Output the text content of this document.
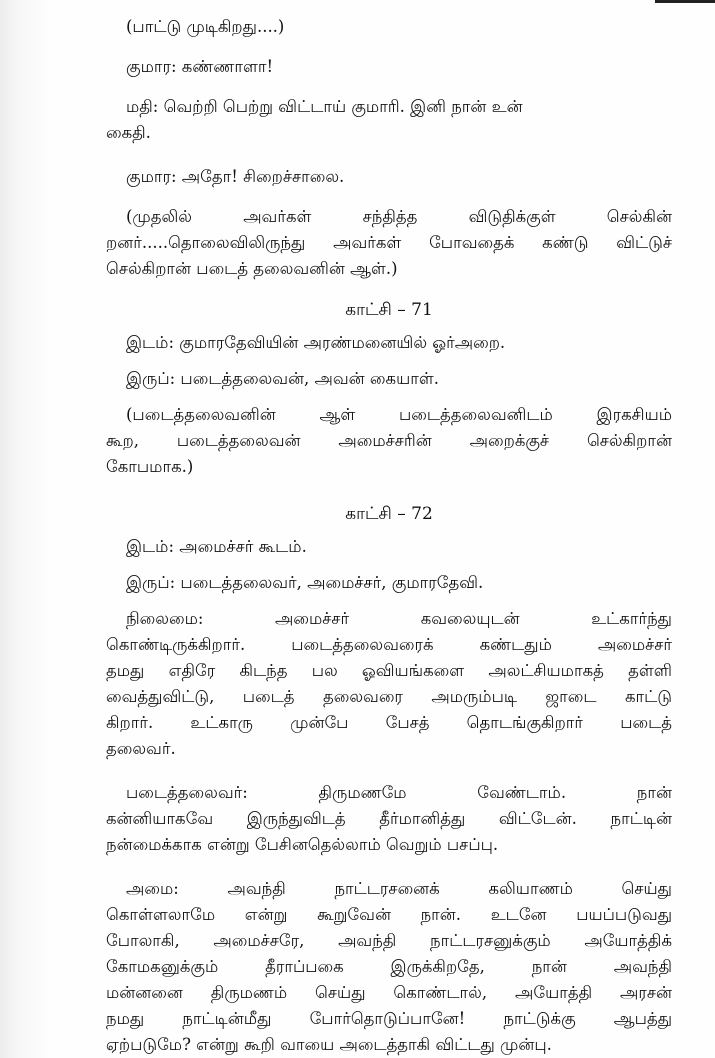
(பாட்டு முடிகிறது....)
குமார: கண்ணாளா!
மதி: வெற்றி பெற்று விட்டாய் குமாரி. இனி நான் உன்
கைதி.
குமார: அதோ! சிறைச்சாலை.
(முதலில் அவர்கள் சந்தித்த விடுதிக்குள் செல்கின்
றனர்.....தொலைவிலிருந்து அவர்கள் போவதைக் கண்டு விட்டுச்
செல்கிறான் படைத் தலைவனின் ஆள்.)
காட்சி – 71
இடம்: குமாரதேவியின் அரண்மனையில் ஓர்அறை.
இருப்: படைத்தலைவன், அவன் கையாள்.
(படைத்தலைவனின் ஆள் படைத்தலைவனிடம் இரகசியம்
கூற, படைத்தலைவன் அமைச்சரின் அறைக்குச் செல்கிறான்
கோபமாக.)
காட்சி – 72
இடம்: அமைச்சர் கூடம்.
இருப்: படைத்தலைவர், அமைச்சர், குமாரதேவி.
நிலைமை: அமைச்சர் கவலையுடன் உட்கார்ந்து
கொண்டிருக்கிறார். படைத்தலைவரைக் கண்டதும் அமைச்சர்
தமது எதிரே கிடந்த பல ஓவியங்களை அலட்சியமாகத் தள்ளி
வைத்துவிட்டு, படைத் தலைவரை அமரும்படி ஜாடை காட்டு
கிறார். உட்காரு முன்பே பேசத் தொடங்குகிறார் படைத்
தலைவர்.
படைத்தலைவர்: திருமணமே வேண்டாம். நான்
கன்னியாகவே இருந்துவிடத் தீர்மானித்து விட்டேன். நாட்டின்
நன்மைக்காக என்று பேசினதெல்லாம் வெறும் பசப்பு.
அமை: அவந்தி நாட்டரசனைக் கலியாணம் செய்து
கொள்ளலாமே என்று கூறுவேன் நான். உடனே பயப்படுவது
போலாகி, அமைச்சரே, அவந்தி நாட்டரசனுக்கும் அயோத்திக்
கோமகனுக்கும் தீராப்பகை இருக்கிறதே, நான் அவந்தி
மன்னனை திருமணம் செய்து கொண்டால், அயோத்தி அரசன்
நமது நாட்டின்மீது போர்தொடுப்பானே! நாட்டுக்கு ஆபத்து
ஏற்படுமே? என்று கூறி வாயை அடைத்தாகி விட்டது முன்பு.
